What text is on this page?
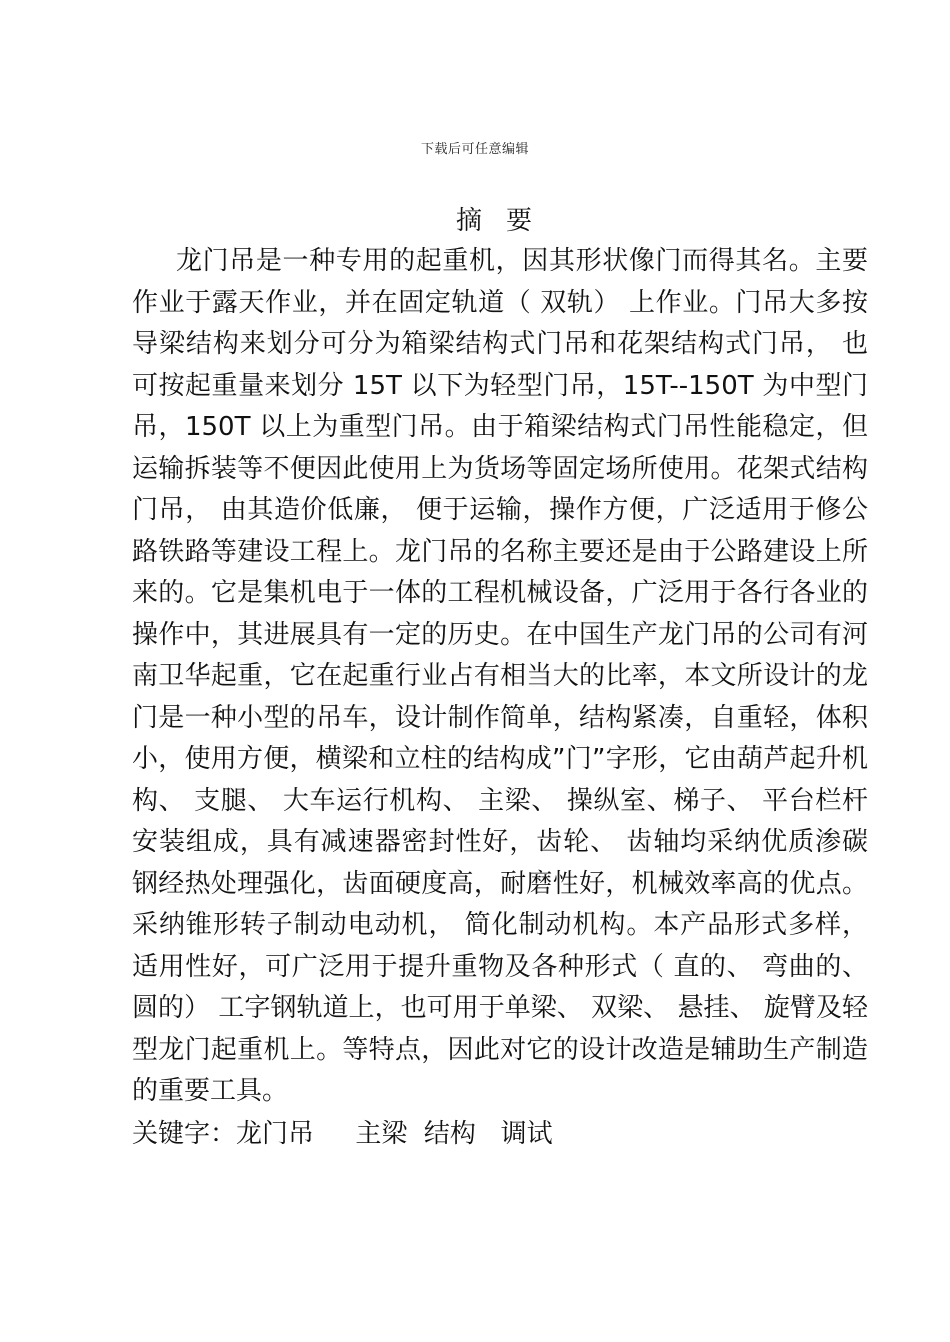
下载后可任意编辑
摘 要

龙门吊是一种专用的起重机，因其形状像门而得其名。主要作业于露天作业，并在固定轨道（ 双轨） 上作业。门吊大多按导梁结构来划分可分为箱梁结构式门吊和花架结构式门吊， 也可按起重量来划分 15T 以下为轻型门吊，15T--150T 为中型门吊，150T 以上为重型门吊。由于箱梁结构式门吊性能稳定，但运输拆装等不便因此使用上为货场等固定场所使用。花架式结构门吊， 由其造价低廉， 便于运输，操作方便，广泛适用于修公路铁路等建设工程上。龙门吊的名称主要还是由于公路建设上所来的。它是集机电于一体的工程机械设备，广泛用于各行各业的操作中，其进展具有一定的历史。在中国生产龙门吊的公司有河南卫华起重，它在起重行业占有相当大的比率，本文所设计的龙门是一种小型的吊车，设计制作简单，结构紧凑，自重轻，体积小，使用方便，横梁和立柱的结构成”门”字形，它由葫芦起升机构、 支腿、 大车运行机构、 主梁、 操纵室、梯子、 平台栏杆安装组成，具有减速器密封性好，齿轮、 齿轴均采纳优质渗碳钢经热处理强化，齿面硬度高，耐磨性好，机械效率高的优点。采纳锥形转子制动电动机， 简化制动机构。本产品形式多样，适用性好，可广泛用于提升重物及各种形式（ 直的、 弯曲的、 圆的） 工字钢轨道上，也可用于单梁、 双梁、 悬挂、 旋臂及轻型龙门起重机上。等特点，因此对它的设计改造是辅助生产制造的重要工具。

关键字：龙门吊     主梁  结构   调试
